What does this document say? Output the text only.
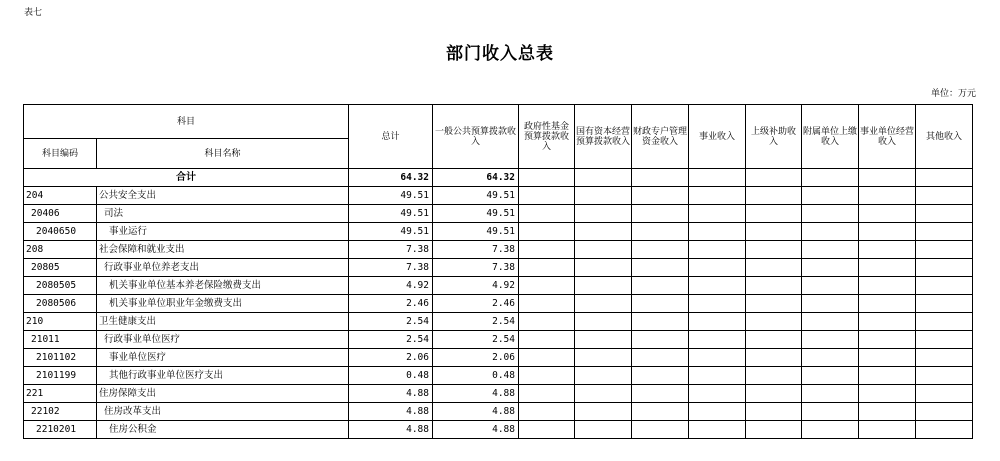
表七
部门收入总表
单位：万元
科目		总计	一般公共预算拨款收入	政府性基金预算拨款收入	国有资本经营预算拨款收入	财政专户管理资金收入	事业收入	上级补助收入	附属单位上缴收入	事业单位经营收入	其他收入
科目编码	科目名称										
合计		64.32	64.32								
204	公共安全支出	49.51	49.51								
20406	司法	49.51	49.51								
2040650	事业运行	49.51	49.51								
208	社会保障和就业支出	7.38	7.38								
20805	行政事业单位养老支出	7.38	7.38								
2080505	机关事业单位基本养老保险缴费支出	4.92	4.92								
2080506	机关事业单位职业年金缴费支出	2.46	2.46								
210	卫生健康支出	2.54	2.54								
21011	行政事业单位医疗	2.54	2.54								
2101102	事业单位医疗	2.06	2.06								
2101199	其他行政事业单位医疗支出	0.48	0.48								
221	住房保障支出	4.88	4.88								
22102	住房改革支出	4.88	4.88								
2210201	住房公积金	4.88	4.88								
